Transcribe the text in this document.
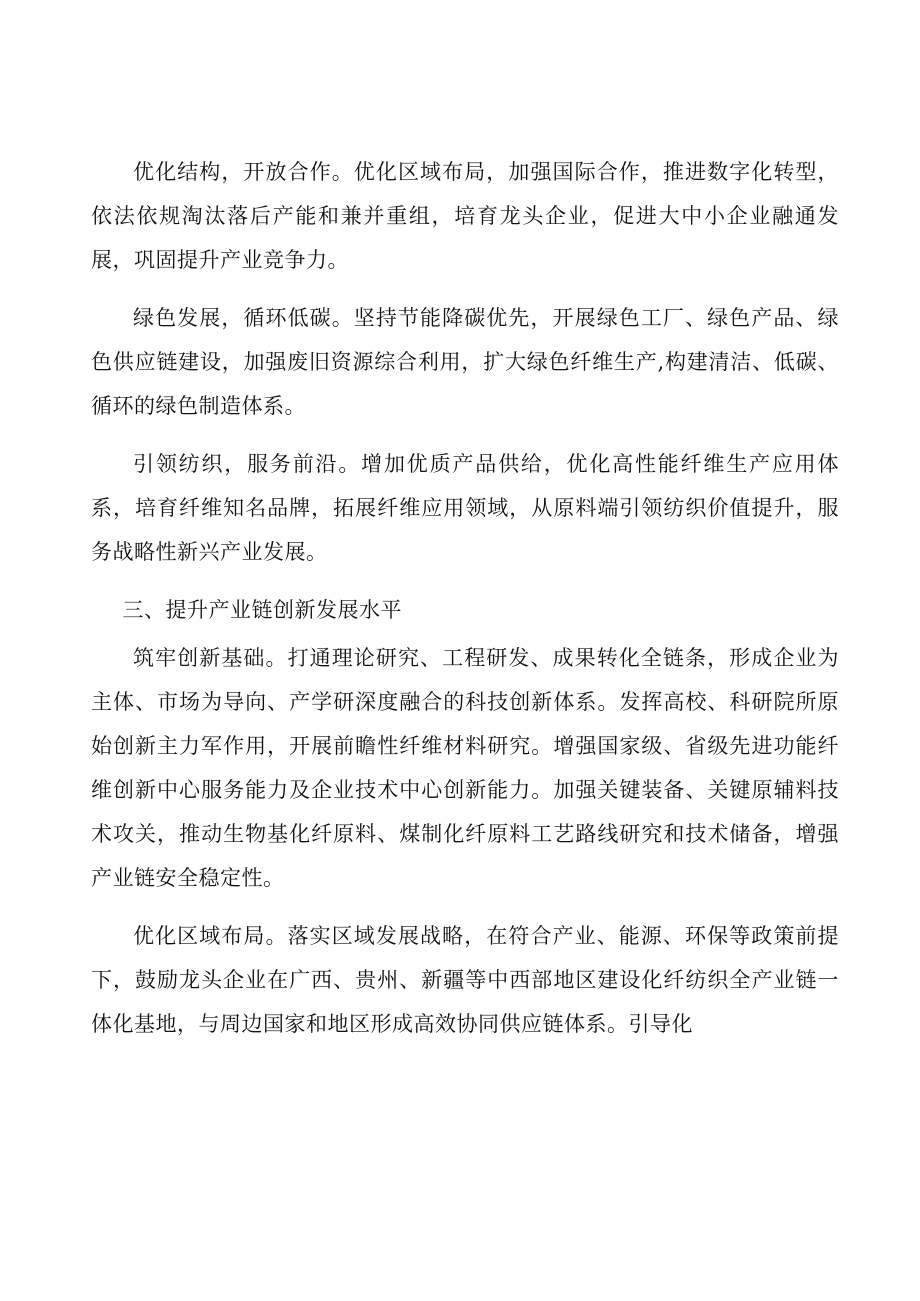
优化结构，开放合作。优化区域布局，加强国际合作，推进数字化转型，依法依规淘汰落后产能和兼并重组，培育龙头企业，促进大中小企业融通发展，巩固提升产业竞争力。

绿色发展，循环低碳。坚持节能降碳优先，开展绿色工厂、绿色产品、绿色供应链建设，加强废旧资源综合利用，扩大绿色纤维生产,构建清洁、低碳、循环的绿色制造体系。

引领纺织，服务前沿。增加优质产品供给，优化高性能纤维生产应用体系，培育纤维知名品牌，拓展纤维应用领域，从原料端引领纺织价值提升，服务战略性新兴产业发展。

三、提升产业链创新发展水平

筑牢创新基础。打通理论研究、工程研发、成果转化全链条，形成企业为主体、市场为导向、产学研深度融合的科技创新体系。发挥高校、科研院所原始创新主力军作用，开展前瞻性纤维材料研究。增强国家级、省级先进功能纤维创新中心服务能力及企业技术中心创新能力。加强关键装备、关键原辅料技术攻关，推动生物基化纤原料、煤制化纤原料工艺路线研究和技术储备，增强产业链安全稳定性。

优化区域布局。落实区域发展战略，在符合产业、能源、环保等政策前提下，鼓励龙头企业在广西、贵州、新疆等中西部地区建设化纤纺织全产业链一体化基地，与周边国家和地区形成高效协同供应链体系。引导化
